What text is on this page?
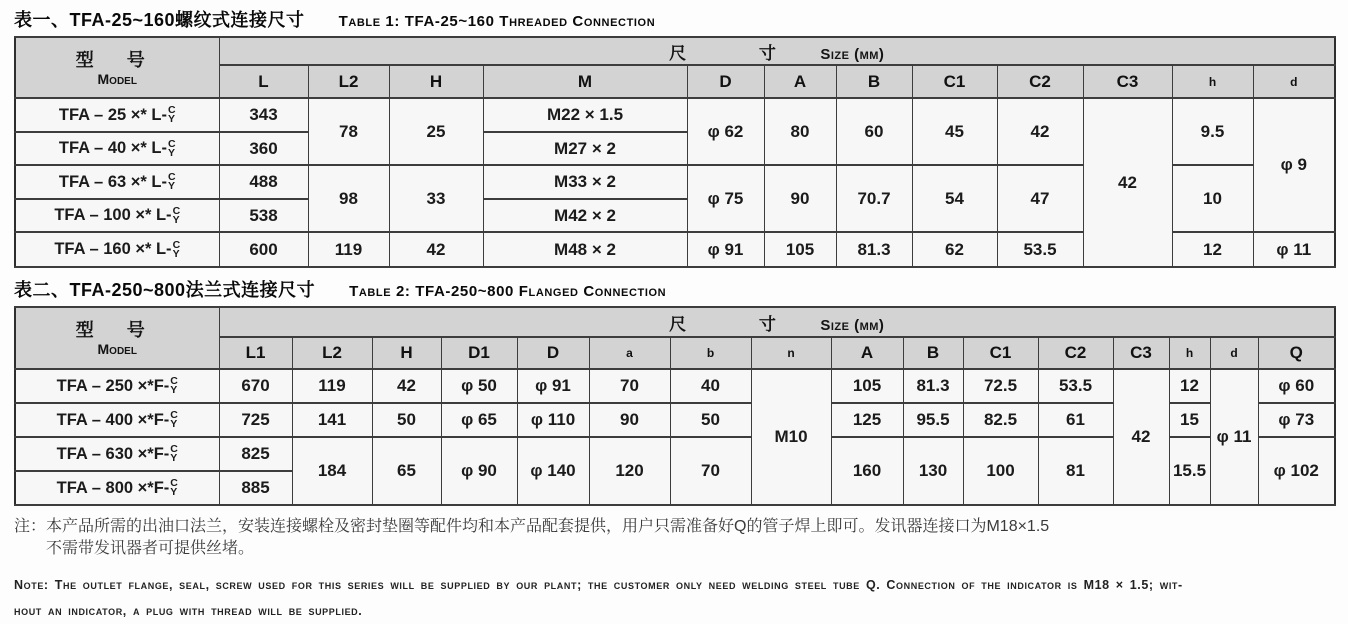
表一、TFA-25~160螺纹式连接尺寸 Table 1: TFA-25~160 Threaded Connection
型 号
Model	尺 寸 Size (mm)											
	L	L2	H	M	D	A	B	C1	C2	C3	h	d
TFA – 25 ×* L- C
Y	343	78	25	M22 × 1.5	φ 62	80	60	45	42	42	9.5	φ 9
TFA – 40 ×* L- C
Y	360			M27 × 2								
TFA – 63 ×* L- C
Y	488	98	33	M33 × 2	φ 75	90	70.7	54	47		10	
TFA – 100 ×* L- C
Y	538			M42 × 2								
TFA – 160 ×* L- C
Y	600	119	42	M48 × 2	φ 91	105	81.3	62	53.5		12	φ 11
表二、TFA-250~800法兰式连接尺寸 Table 2: TFA-250~800 Flanged Connection
型 号
Model	尺 寸 Size (mm)															
	L1	L2	H	D1	D	a	b	n	A	B	C1	C2	C3	h	d	Q
TFA – 250 ×*F- C
Y	670	119	42	φ 50	φ 91	70	40	M10	105	81.3	72.5	53.5	42	12	φ 11	φ 60
TFA – 400 ×*F- C
Y	725	141	50	φ 65	φ 110	90	50		125	95.5	82.5	61		15		φ 73
TFA – 630 ×*F- C
Y	825	184	65	φ 90	φ 140	120	70		160	130	100	81		15.5		φ 102
TFA – 800 ×*F- C
Y	885															
注： 本产品所需的出油口法兰，安装连接螺栓及密封垫圈等配件均和本产品配套提供，用户只需准备好Q的管子焊上即可。发讯器连接口为M18×1.5
不需带发讯器者可提供丝堵。
Note: The outlet flange, seal, screw used for this series will be supplied by our plant; the customer only need welding steel tube Q. Connection of the indicator is M18 × 1.5; wit-
hout an indicator, a plug with thread will be supplied.
